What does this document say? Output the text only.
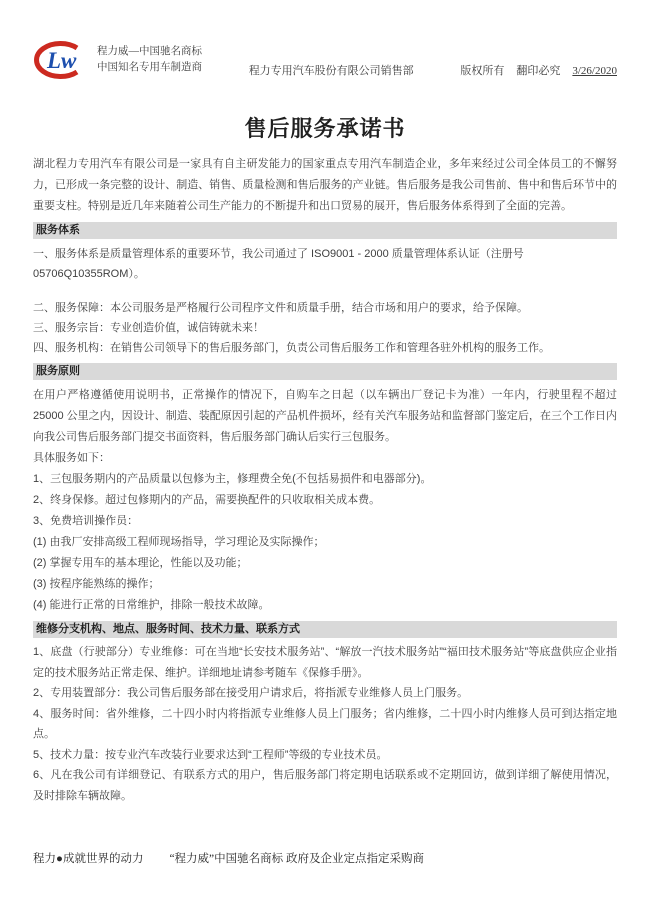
Lw 程力威—中国驰名商标
中国知名专用车制造商	程力专用汽车股份有限公司销售部	版权所有 翻印必究 3/26/2020
售后服务承诺书
湖北程力专用汽车有限公司是一家具有自主研发能力的国家重点专用汽车制造企业，多年来经过公司全体员工的不懈努力，已形成一条完整的设计、制造、销售、质量检测和售后服务的产业链。售后服务是我公司售前、售中和售后环节中的重要支柱。特别是近几年来随着公司生产能力的不断提升和出口贸易的展开，售后服务体系得到了全面的完善。
服务体系
一、服务体系是质量管理体系的重要环节，我公司通过了 ISO9001 - 2000 质量管理体系认证（注册号 05706Q10355ROM）。
二、服务保障：本公司服务是严格履行公司程序文件和质量手册，结合市场和用户的要求，给予保障。
三、服务宗旨：专业创造价值，诚信铸就未来！
四、服务机构：在销售公司领导下的售后服务部门，负责公司售后服务工作和管理各驻外机构的服务工作。
服务原则
在用户严格遵循使用说明书，正常操作的情况下，自购车之日起（以车辆出厂登记卡为准）一年内，行驶里程不超过 25000 公里之内，因设计、制造、装配原因引起的产品机件损坏，经有关汽车服务站和监督部门鉴定后，在三个工作日内向我公司售后服务部门提交书面资料，售后服务部门确认后实行三包服务。
具体服务如下：
1、三包服务期内的产品质量以包修为主，修理费全免(不包括易损件和电器部分)。
2、终身保修。超过包修期内的产品，需要换配件的只收取相关成本费。
3、免费培训操作员：
(1) 由我厂安排高级工程师现场指导，学习理论及实际操作；
(2) 掌握专用车的基本理论，性能以及功能；
(3) 按程序能熟练的操作；
(4) 能进行正常的日常维护，排除一般技术故障。
维修分支机构、地点、服务时间、技术力量、联系方式
1、底盘（行驶部分）专业维修：可在当地“长安技术服务站”、“解放一汽技术服务站”“福田技术服务站”等底盘供应企业指定的技术服务站正常走保、维护。详细地址请参考随车《保修手册》。
2、专用装置部分：我公司售后服务部在接受用户请求后，将指派专业维修人员上门服务。
4、服务时间：省外维修，二十四小时内将指派专业维修人员上门服务；省内维修，二十四小时内维修人员可到达指定地点。
5、技术力量：按专业汽车改装行业要求达到“工程师”等级的专业技术员。
6、凡在我公司有详细登记、有联系方式的用户，售后服务部门将定期电话联系或不定期回访，做到详细了解使用情况，及时排除车辆故障。
程力●成就世界的动力 “程力威”中国驰名商标 政府及企业定点指定采购商
